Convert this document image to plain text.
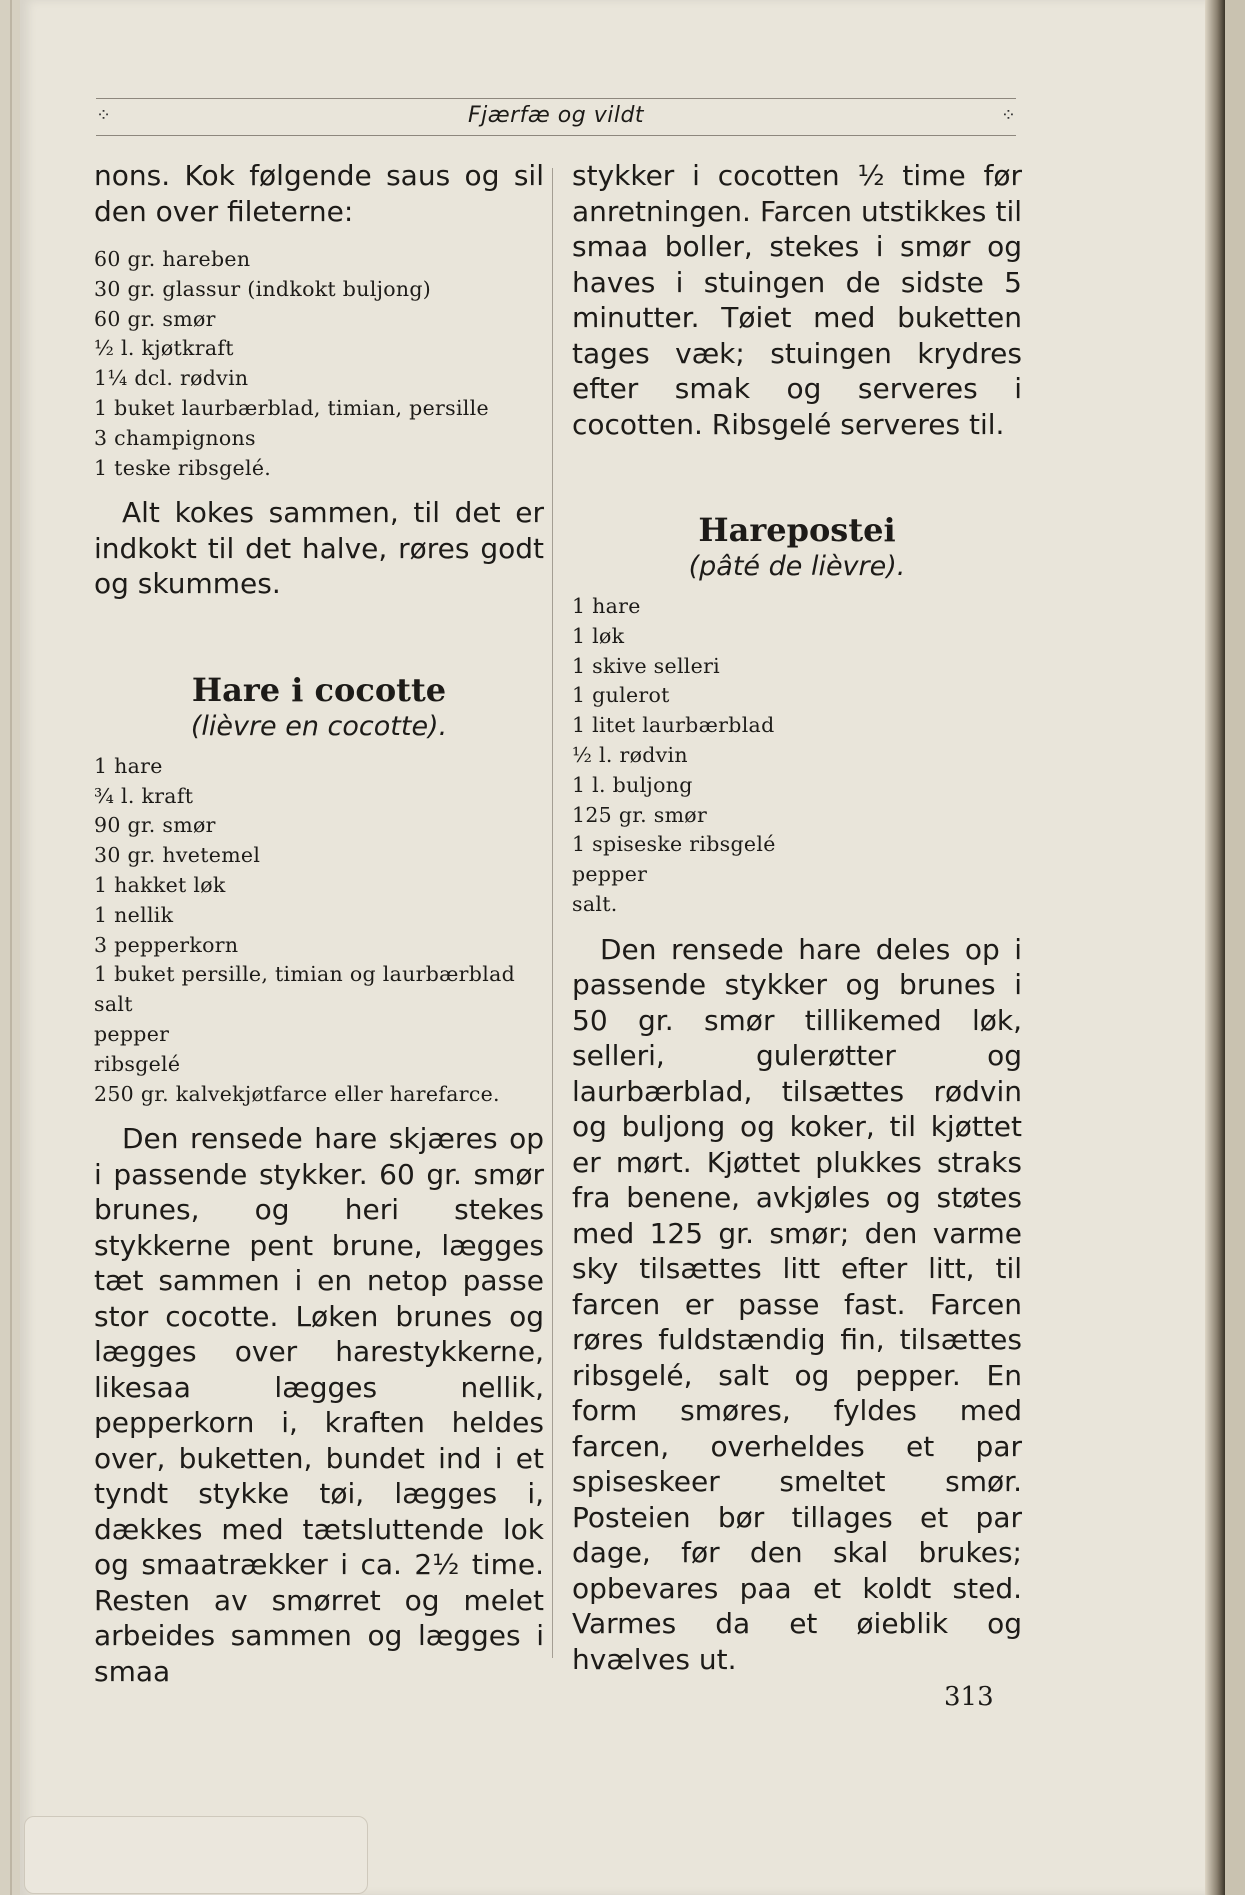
⁘	Fjærfæ og vildt	⁘

nons. Kok følgende saus og sil den over fileterne:

60 gr. hareben
30 gr. glassur (indkokt buljong)
60 gr. smør
½ l. kjøtkraft
1¼ dcl. rødvin
1 buket laurbærblad, timian, persille
3 champignons
1 teske ribsgelé.

Alt kokes sammen, til det er indkokt til det halve, røres godt og skummes.

Hare i cocotte

(lièvre en cocotte).

1 hare
¾ l. kraft
90 gr. smør
30 gr. hvetemel
1 hakket løk
1 nellik
3 pepperkorn
1 buket persille, timian og laurbærblad
salt
pepper
ribsgelé
250 gr. kalvekjøtfarce eller harefarce.

Den rensede hare skjæres op i passende stykker. 60 gr. smør brunes, og heri stekes stykkerne pent brune, lægges tæt sammen i en netop passe stor cocotte. Løken brunes og lægges over harestykkerne, likesaa lægges nellik, pepperkorn i, kraften heldes over, buketten, bundet ind i et tyndt stykke tøi, lægges i, dækkes med tætsluttende lok og smaatrækker i ca. 2½ time. Resten av smørret og melet arbeides sammen og lægges i smaa

stykker i cocotten ½ time før anretningen. Farcen utstikkes til smaa boller, stekes i smør og haves i stuingen de sidste 5 minutter. Tøiet med buketten tages væk; stuingen krydres efter smak og serveres i cocotten. Ribsgelé serveres til.

Harepostei

(pâté de lièvre).

1 hare
1 løk
1 skive selleri
1 gulerot
1 litet laurbærblad
½ l. rødvin
1 l. buljong
125 gr. smør
1 spiseske ribsgelé
pepper
salt.

Den rensede hare deles op i passende stykker og brunes i 50 gr. smør tillikemed løk, selleri, gulerøtter og laurbærblad, tilsættes rødvin og buljong og koker, til kjøttet er mørt. Kjøttet plukkes straks fra benene, avkjøles og støtes med 125 gr. smør; den varme sky tilsættes litt efter litt, til farcen er passe fast. Farcen røres fuldstændig fin, tilsættes ribsgelé, salt og pepper. En form smøres, fyldes med farcen, overheldes et par spiseskeer smeltet smør. Posteien bør tillages et par dage, før den skal brukes; opbevares paa et koldt sted. Varmes da et øieblik og hvælves ut.

313
